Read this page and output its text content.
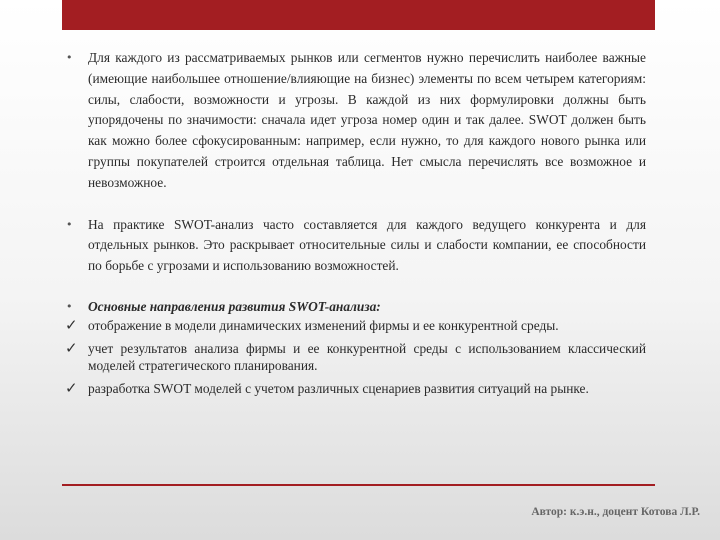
• Для каждого из рассматриваемых рынков или сегментов нужно перечислить наиболее важные (имеющие наибольшее отношение/влияющие на бизнес) элементы по всем четырем категориям: силы, слабости, возможности и угрозы. В каждой из них формулировки должны быть упорядочены по значимости: сначала идет угроза номер один и так далее. SWOT должен быть как можно более сфокусированным: например, если нужно, то для каждого нового рынка или группы покупателей строится отдельная таблица. Нет смысла перечислять все возможное и невозможное.
• На практике SWOT-анализ часто составляется для каждого ведущего конкурента и для отдельных рынков. Это раскрывает относительные силы и слабости компании, ее способности по борьбе с угрозами и использованию возможностей.
• Основные направления развития SWOT-анализа:
✓ отображение в модели динамических изменений фирмы и ее конкурентной среды.
✓ учет результатов анализа фирмы и ее конкурентной среды с использованием классический моделей стратегического планирования.
✓ разработка SWOT моделей с учетом различных сценариев развития ситуаций на рынке.
Автор: к.э.н., доцент Котова Л.Р.
